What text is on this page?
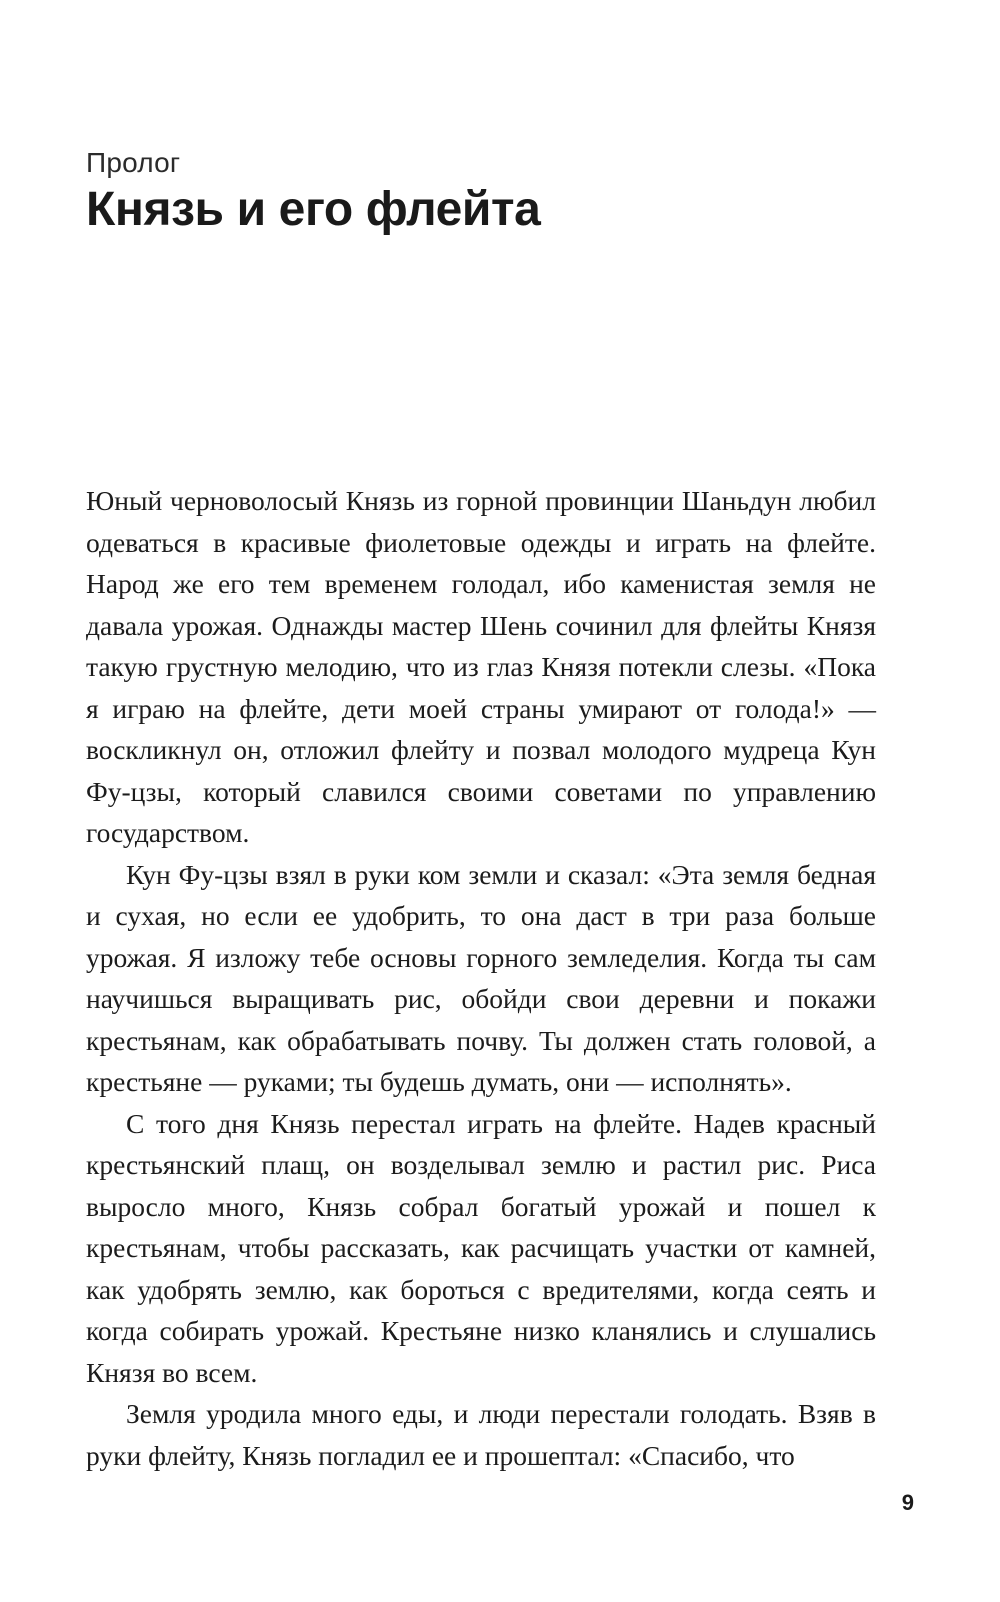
Пролог
Князь и его флейта

Юный черноволосый Князь из горной провинции Шаньдун любил одеваться в красивые фиолетовые одежды и играть на флейте. Народ же его тем временем голодал, ибо каменистая земля не давала урожая. Однажды мастер Шень сочинил для флейты Князя такую грустную мелодию, что из глаз Князя потекли слезы. «Пока я играю на флейте, дети моей страны умирают от голода!» — воскликнул он, отложил флейту и позвал молодого мудреца Кун Фу-цзы, который славился своими советами по управлению государством.

Кун Фу-цзы взял в руки ком земли и сказал: «Эта земля бедная и сухая, но если ее удобрить, то она даст в три раза больше урожая. Я изложу тебе основы горного земледелия. Когда ты сам научишься выращивать рис, обойди свои деревни и покажи крестьянам, как обрабатывать почву. Ты должен стать головой, а крестьяне — руками; ты будешь думать, они — исполнять».

С того дня Князь перестал играть на флейте. Надев красный крестьянский плащ, он возделывал землю и растил рис. Риса выросло много, Князь собрал богатый урожай и пошел к крестьянам, чтобы рассказать, как расчищать участки от камней, как удобрять землю, как бороться с вредителями, когда сеять и когда собирать урожай. Крестьяне низко кланялись и слушались Князя во всем.

Земля уродила много еды, и люди перестали голодать. Взяв в руки флейту, Князь погладил ее и прошептал: «Спасибо, что

9
